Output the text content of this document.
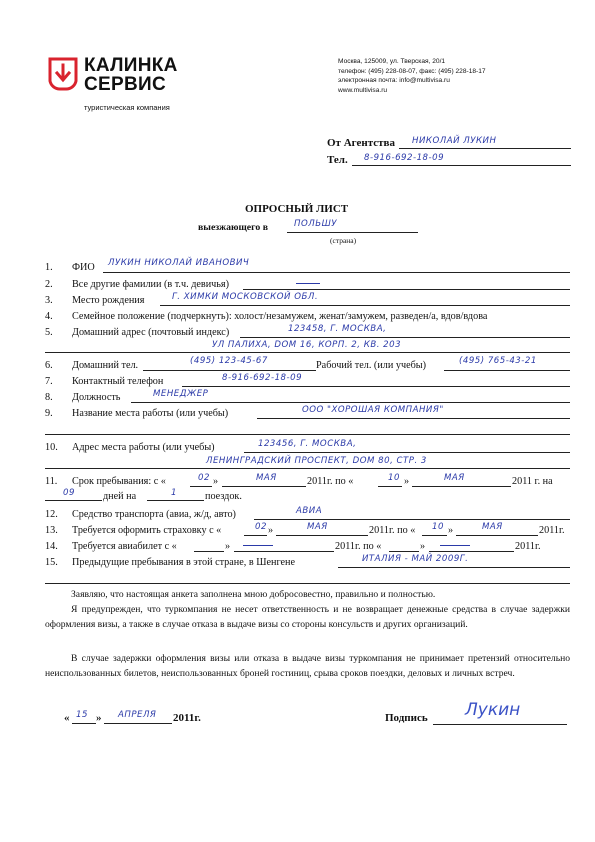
КАЛИНКА
СЕРВИС
туристическая компания
Москва, 125009, ул. Тверская, 20/1
телефон: (495) 228-08-07, факс: (495) 228-18-17
электронная почта: info@multivisa.ru
www.multivisa.ru
От Агентства НИКОЛАЙ ЛУКИН
Тел. 8-916-692-18-09
ОПРОСНЫЙ ЛИСТ
выезжающего в	ПОЛЬШУ
(страна)
1. ФИО ЛУКИН НИКОЛАЙ ИВАНОВИЧ
2. Все другие фамилии (в т.ч. девичья)
3. Место рождения	Г. ХИМКИ МОСКОВСКОЙ ОБЛ.
4. Семейное положение (подчеркнуть): холост/незамужем, женат/замужем, разведен/а, вдов/вдова
5. Домашний адрес (почтовый индекс)	123458, Г. МОСКВА,
УЛ ПАЛИХА, DOM 16, КОРП. 2, КВ. 203
6. Домашний тел.	(495) 123-45-67	Рабочий тел. (или учебы)	(495) 765-43-21
7. Контактный телефон	8-916-692-18-09
8. Должность	МЕНЕДЖЕР
9. Название места работы (или учебы)	ООО "ХОРОШАЯ КОМПАНИЯ"
10. Адрес места работы (или учебы)	123456, Г. МОСКВА,
ЛЕНИНГРАДСКИЙ ПРОСПЕКТ, DOM 80, СТР. 3
11. Срок пребывания: с «	02 »	МАЯ	2011г. по «	10 »	МАЯ	2011 г. на
09	дней на	1	поездок.
12. Средство транспорта (авиа, ж/д, авто)	АВИА
13. Требуется оформить страховку с «	02 »	МАЯ	2011г. по « 10 »	МАЯ	2011г.
14. Требуется авиабилет с «	»	2011г. по «	»	2011г.
15. Предыдущие пребывания в этой стране, в Шенгене	ИТАЛИЯ - МАЙ 2009Г.
Заявляю, что настоящая анкета заполнена мною добросовестно, правильно и полностью.
Я предупрежден, что туркомпания не несет ответственность и не возвращает денежные средства в случае задержки оформления визы, а также в случае отказа в выдаче визы со стороны консульств и других организаций.
В случае задержки оформления визы или отказа в выдаче визы туркомпания не принимает претензий относительно неиспользованных билетов, неиспользованных броней гостиниц, срыва сроков поездки, деловых и личных встреч.
« 15 » АПРЕЛЯ 2011г.	Подпись Лукин
